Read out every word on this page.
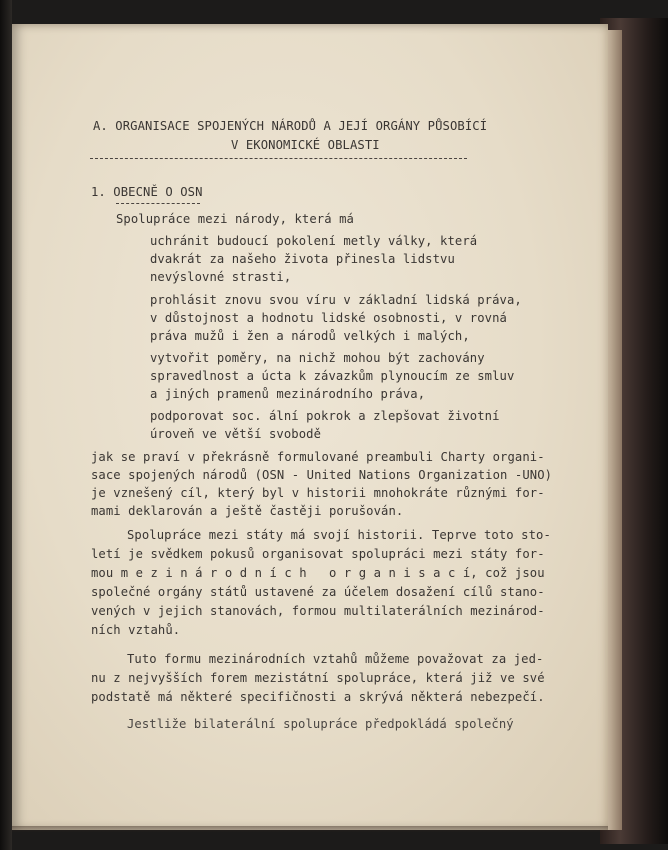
A. ORGANISACE SPOJENÝCH NÁRODŮ A JEJÍ ORGÁNY PŮSOBÍCÍ
V EKONOMICKÉ OBLASTI
1. OBECNĚ O OSN
Spolupráce mezi národy, která má
uchránit budoucí pokolení metly války, která
dvakrát za našeho života přinesla lidstvu
nevýslovné strasti,
prohlásit znovu svou víru v základní lidská práva,
v důstojnost a hodnotu lidské osobnosti, v rovná
práva mužů i žen a národů velkých i malých,
vytvořit poměry, na nichž mohou být zachovány
spravedlnost a úcta k závazkům plynoucím ze smluv
a jiných pramenů mezinárodního práva,
podporovat soc. ální pokrok a zlepšovat životní
úroveň ve větší svobodě
jak se praví v překrásně formulované preambuli Charty organi-
sace spojených národů (OSN - United Nations Organization -UNO)
je vznešený cíl, který byl v historii mnohokráte různými for-
mami deklarován a ještě častěji porušován.
Spolupráce mezi státy má svojí historii. Teprve toto sto-
letí je svědkem pokusů organisovat spolupráci mezi státy for-
mou m e z i n á r o d n í c h   o r g a n i s a c í, což jsou
společné orgány států ustavené za účelem dosažení cílů stano-
vených v jejich stanovách, formou multilaterálních mezinárod-
ních vztahů.
Tuto formu mezinárodních vztahů můžeme považovat za jed-
nu z nejvyšších forem mezistátní spolupráce, která již ve své
podstatě má některé specifičnosti a skrývá některá nebezpečí.
Jestliže bilaterální spolupráce předpokládá společný
